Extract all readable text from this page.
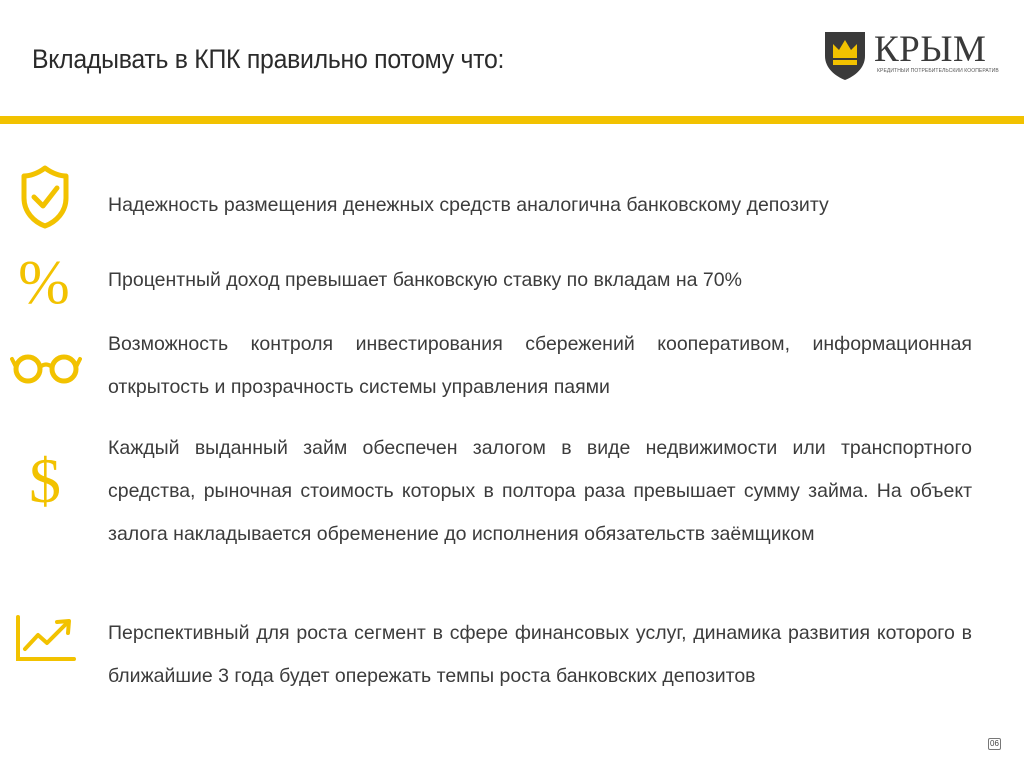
Вкладывать в КПК правильно потому что:	КРЫМ
КРЕДИТНЫЙ ПОТРЕБИТЕЛЬСКИЙ КООПЕРАТИВ
%
$
Надежность размещения денежных средств аналогична банковскому депозиту
Процентный доход превышает банковскую ставку по вкладам на 70%
Возможность контроля инвестирования сбережений кооперативом, информационная открытость и прозрачность системы управления паями
Каждый выданный займ обеспечен залогом в виде недвижимости или транспортного средства, рыночная стоимость которых в полтора раза превышает сумму займа. На объект залога накладывается обременение до исполнения обязательств заёмщиком
Перспективный для роста сегмент в сфере финансовых услуг, динамика развития которого в ближайшие 3 года будет опережать темпы роста банковских депозитов
06
